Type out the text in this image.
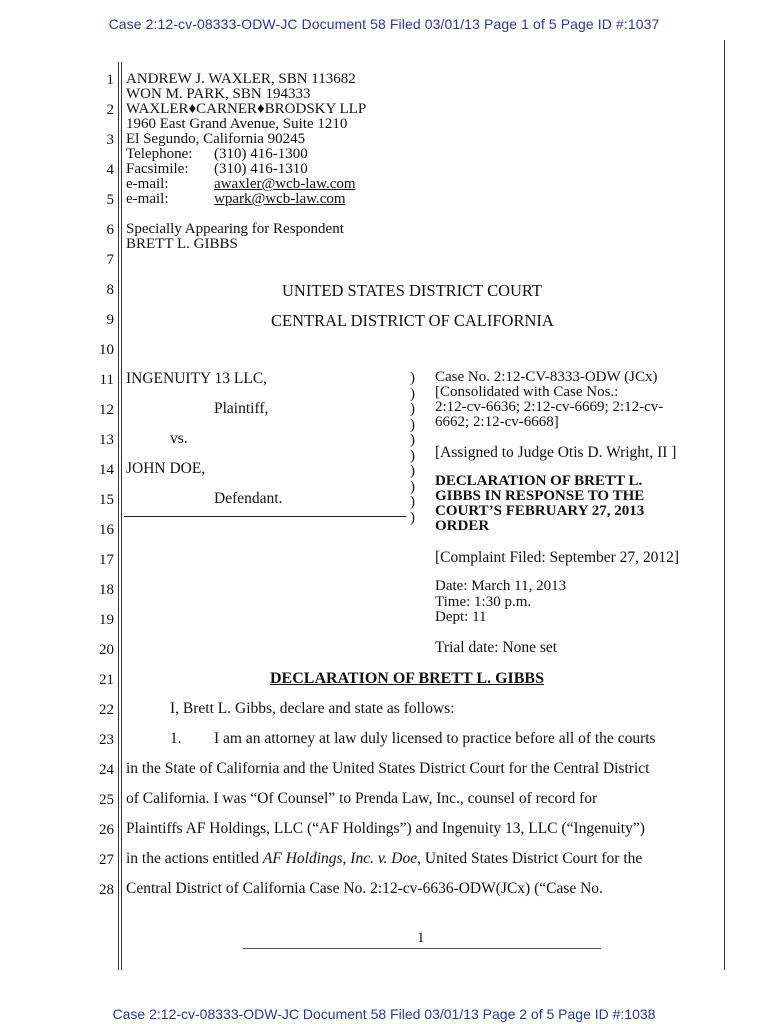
Case 2:12-cv-08333-ODW-JC Document 58 Filed 03/01/13 Page 1 of 5 Page ID #:1037
1
2
3
4
5
6
7
8
9
10
11
12
13
14
15
16
17
18
19
20
21
22
23
24
25
26
27
28
ANDREW J. WAXLER, SBN 113682
WON M. PARK, SBN 194333
WAXLER♦CARNER♦BRODSKY LLP
1960 East Grand Avenue, Suite 1210
El Segundo, California 90245
Telephone: (310) 416-1300
Facsimile: (310) 416-1310
e-mail:	awaxler@wcb-law.com
e-mail:	wpark@wcb-law.com
Specially Appearing for Respondent
BRETT L. GIBBS
UNITED STATES DISTRICT COURT
CENTRAL DISTRICT OF CALIFORNIA
INGENUITY 13 LLC,
Plaintiff,
vs.
JOHN DOE,
Defendant.
)
)
)
)
)
)
)
)
)
)
Case No. 2:12-CV-8333-ODW (JCx)
[Consolidated with Case Nos.:
2:12-cv-6636; 2:12-cv-6669; 2:12-cv-
6662; 2:12-cv-6668]
[Assigned to Judge Otis D. Wright, II ]
DECLARATION OF BRETT L.
GIBBS IN RESPONSE TO THE
COURT’S FEBRUARY 27, 2013
ORDER
[Complaint Filed: September 27, 2012]
Date: March 11, 2013
Time: 1:30 p.m.
Dept: 11
Trial date: None set
DECLARATION OF BRETT L. GIBBS
I, Brett L. Gibbs, declare and state as follows:
1. I am an attorney at law duly licensed to practice before all of the courts
in the State of California and the United States District Court for the Central District
of California. I was “Of Counsel” to Prenda Law, Inc., counsel of record for
Plaintiffs AF Holdings, LLC (“AF Holdings”) and Ingenuity 13, LLC (“Ingenuity”)
in the actions entitled AF Holdings, Inc. v. Doe, United States District Court for the
Central District of California Case No. 2:12-cv-6636-ODW(JCx) (“Case No.
1
Case 2:12-cv-08333-ODW-JC Document 58 Filed 03/01/13 Page 2 of 5 Page ID #:1038
